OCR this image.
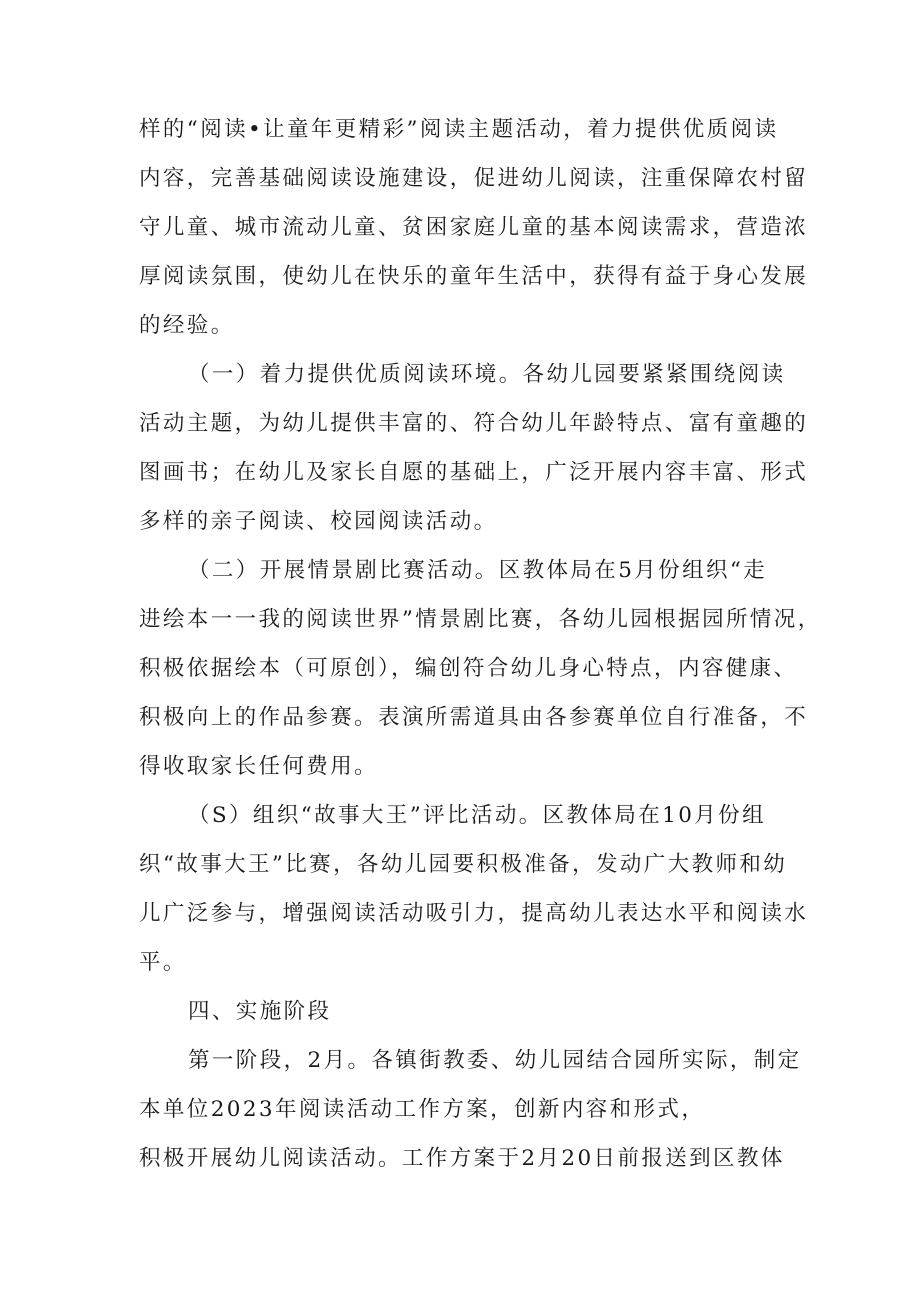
样的“阅读•让童年更精彩”阅读主题活动，着力提供优质阅读
内容，完善基础阅读设施建设，促进幼儿阅读，注重保障农村留
守儿童、城市流动儿童、贫困家庭儿童的基本阅读需求，营造浓
厚阅读氛围，使幼儿在快乐的童年生活中，获得有益于身心发展
的经验。
（一）着力提供优质阅读环境。各幼儿园要紧紧围绕阅读
活动主题，为幼儿提供丰富的、符合幼儿年龄特点、富有童趣的
图画书；在幼儿及家长自愿的基础上，广泛开展内容丰富、形式
多样的亲子阅读、校园阅读活动。
（二）开展情景剧比赛活动。区教体局在5月份组织“走
进绘本一一我的阅读世界”情景剧比赛，各幼儿园根据园所情况，
积极依据绘本（可原创），编创符合幼儿身心特点，内容健康、
积极向上的作品参赛。表演所需道具由各参赛单位自行准备，不
得收取家长任何费用。
（S）组织“故事大王”评比活动。区教体局在10月份组
织“故事大王”比赛，各幼儿园要积极准备，发动广大教师和幼
儿广泛参与，增强阅读活动吸引力，提高幼儿表达水平和阅读水
平。
四、实施阶段
第一阶段，2月。各镇街教委、幼儿园结合园所实际，制定
本单位2023年阅读活动工作方案，创新内容和形式，
积极开展幼儿阅读活动。工作方案于2月20日前报送到区教体
